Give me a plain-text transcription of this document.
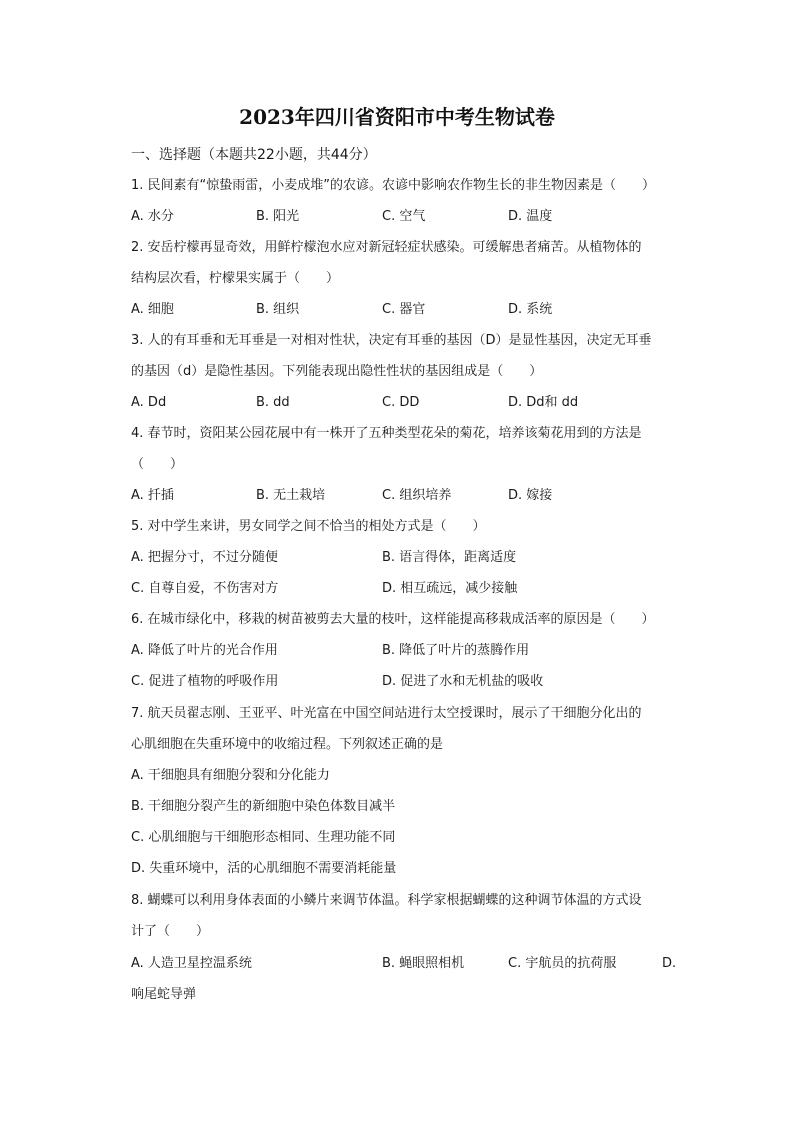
2023年四川省资阳市中考生物试卷
一、选择题（本题共22小题，共44分）
1. 民间素有“惊蛰雨雷，小麦成堆”的农谚。农谚中影响农作物生长的非生物因素是（　　）
A. 水分	B. 阳光	C. 空气	D. 温度
2. 安岳柠檬再显奇效，用鲜柠檬泡水应对新冠轻症状感染。可缓解患者痛苦。从植物体的
结构层次看，柠檬果实属于（　　）
A. 细胞	B. 组织	C. 器官	D. 系统
3. 人的有耳垂和无耳垂是一对相对性状，决定有耳垂的基因（D）是显性基因，决定无耳垂
的基因（d）是隐性基因。下列能表现出隐性性状的基因组成是（　　）
A. Dd	B. dd	C. DD	D. Dd和 dd
4. 春节时，资阳某公园花展中有一株开了五种类型花朵的菊花，培养该菊花用到的方法是
（　　）
A. 扦插	B. 无土栽培	C. 组织培养	D. 嫁接
5. 对中学生来讲，男女同学之间不恰当的相处方式是（　　）
A. 把握分寸，不过分随便	B. 语言得体，距离适度
C. 自尊自爱，不伤害对方	D. 相互疏远，减少接触
6. 在城市绿化中，移栽的树苗被剪去大量的枝叶，这样能提高移栽成活率的原因是（　　）
A. 降低了叶片的光合作用	B. 降低了叶片的蒸腾作用
C. 促进了植物的呼吸作用	D. 促进了水和无机盐的吸收
7. 航天员翟志刚、王亚平、叶光富在中国空间站进行太空授课时，展示了干细胞分化出的
心肌细胞在失重环境中的收缩过程。下列叙述正确的是
A. 干细胞具有细胞分裂和分化能力
B. 干细胞分裂产生的新细胞中染色体数目减半
C. 心肌细胞与干细胞形态相同、生理功能不同
D. 失重环境中，活的心肌细胞不需要消耗能量
8. 蝴蝶可以利用身体表面的小鳞片来调节体温。科学家根据蝴蝶的这种调节体温的方式设
计了（　　）
A. 人造卫星控温系统	B. 蝇眼照相机	C. 宇航员的抗荷服	D.
响尾蛇导弹
